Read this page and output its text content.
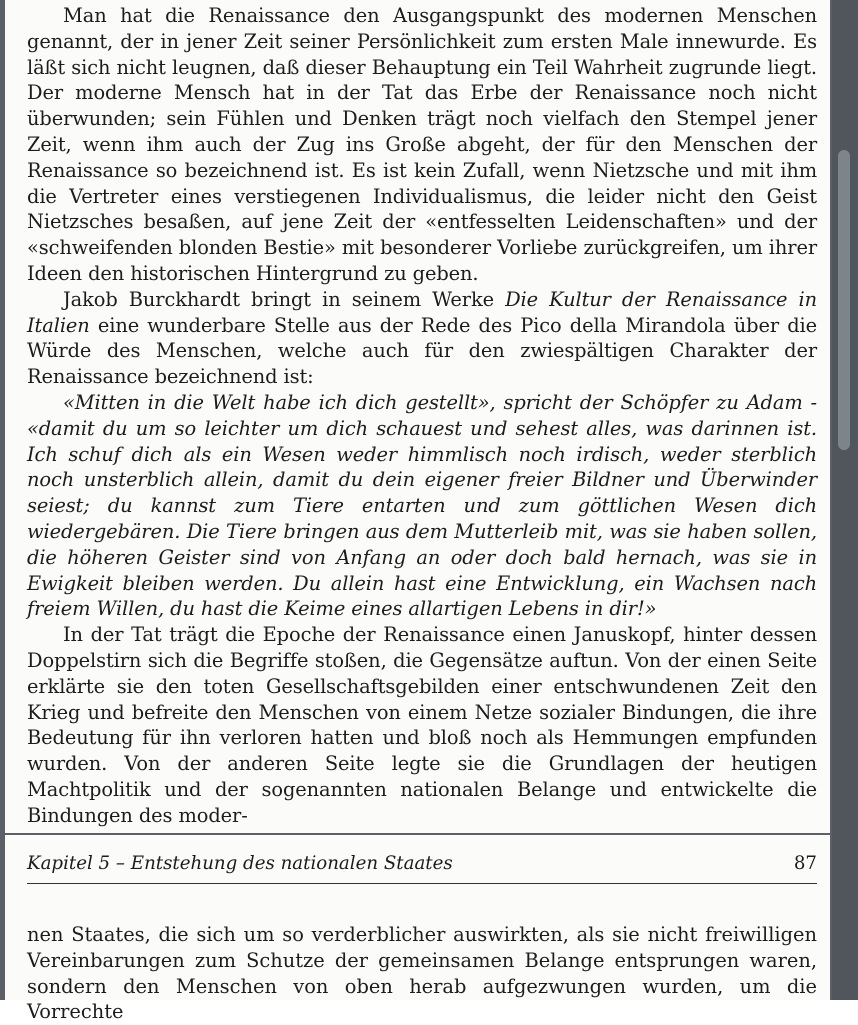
Man hat die Renaissance den Ausgangspunkt des modernen Menschen genannt, der in jener Zeit seiner Persönlichkeit zum ersten Male innewurde. Es läßt sich nicht leugnen, daß dieser Behauptung ein Teil Wahrheit zugrunde liegt. Der moderne Mensch hat in der Tat das Erbe der Renaissance noch nicht überwunden; sein Fühlen und Denken trägt noch vielfach den Stempel jener Zeit, wenn ihm auch der Zug ins Große abgeht, der für den Menschen der Renaissance so bezeichnend ist. Es ist kein Zufall, wenn Nietzsche und mit ihm die Vertreter eines verstiegenen Individualismus, die leider nicht den Geist Nietzsches besaßen, auf jene Zeit der «entfesselten Leidenschaften» und der «schweifenden blonden Bestie» mit besonderer Vorliebe zurückgreifen, um ihrer Ideen den historischen Hintergrund zu geben.

Jakob Burckhardt bringt in seinem Werke Die Kultur der Renaissance in Italien eine wunderbare Stelle aus der Rede des Pico della Mirandola über die Würde des Menschen, welche auch für den zwiespältigen Charakter der Renaissance bezeichnend ist:

«Mitten in die Welt habe ich dich gestellt», spricht der Schöpfer zu Adam - «damit du um so leichter um dich schauest und sehest alles, was darinnen ist. Ich schuf dich als ein Wesen weder himmlisch noch irdisch, weder sterblich noch unsterblich allein, damit du dein eigener freier Bildner und Überwinder seiest; du kannst zum Tiere entarten und zum göttlichen Wesen dich wiedergebären. Die Tiere bringen aus dem Mutterleib mit, was sie haben sollen, die höheren Geister sind von Anfang an oder doch bald hernach, was sie in Ewigkeit bleiben werden. Du allein hast eine Entwicklung, ein Wachsen nach freiem Willen, du hast die Keime eines allartigen Lebens in dir!»

In der Tat trägt die Epoche der Renaissance einen Januskopf, hinter dessen Doppelstirn sich die Begriffe stoßen, die Gegensätze auftun. Von der einen Seite erklärte sie den toten Gesellschaftsgebilden einer entschwundenen Zeit den Krieg und befreite den Menschen von einem Netze sozialer Bindungen, die ihre Bedeutung für ihn verloren hatten und bloß noch als Hemmungen empfunden wurden. Von der anderen Seite legte sie die Grundlagen der heutigen Machtpolitik und der sogenannten nationalen Belange und entwickelte die Bindungen des moder-

Kapitel 5 – Entstehung des nationalen Staates	87

nen Staates, die sich um so verderblicher auswirkten, als sie nicht freiwilligen Vereinbarungen zum Schutze der gemeinsamen Belange entsprungen waren, sondern den Menschen von oben herab aufgezwungen wurden, um die Vorrechte
